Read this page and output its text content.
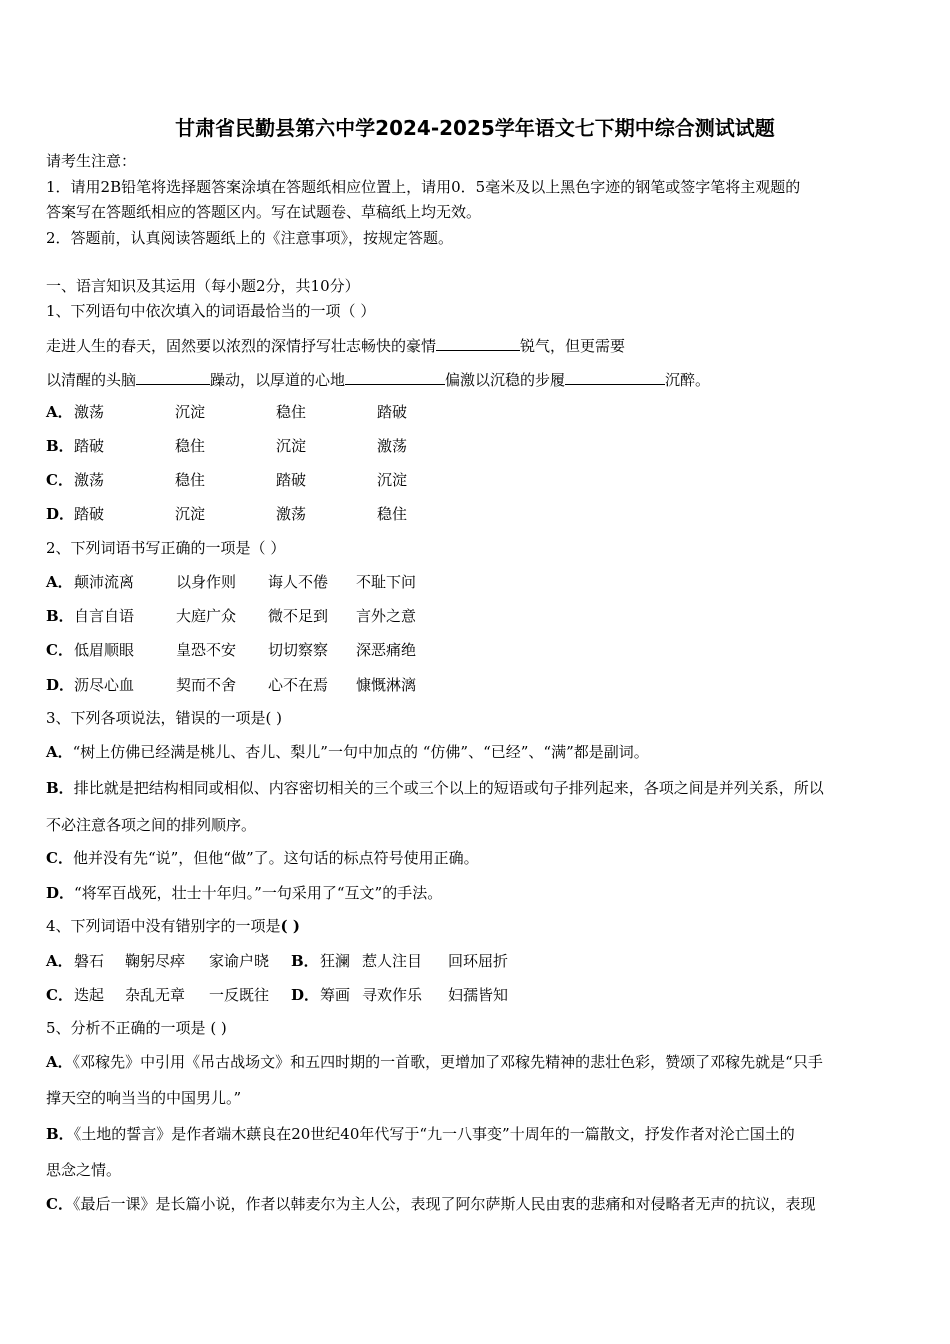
甘肃省民勤县第六中学2024-2025学年语文七下期中综合测试试题
请考生注意：
1．请用2B铅笔将选择题答案涂填在答题纸相应位置上，请用0．5毫米及以上黑色字迹的钢笔或签字笔将主观题的
答案写在答题纸相应的答题区内。写在试题卷、草稿纸上均无效。
2．答题前，认真阅读答题纸上的《注意事项》，按规定答题。
一、语言知识及其运用（每小题2分，共10分）
1、下列语句中依次填入的词语最恰当的一项（ ）
走进人生的春天，固然要以浓烈的深情抒写壮志畅快的豪情	锐气，但更需要
以清醒的头脑	躁动，以厚道的心地	偏激以沉稳的步履	沉醉。
A．激荡	沉淀	稳住	踏破
B．踏破	稳住	沉淀	激荡
C．激荡	稳住	踏破	沉淀
D．踏破	沉淀	激荡	稳住
2、下列词语书写正确的一项是（ ）
A．颠沛流离	以身作则 诲人不倦 不耻下问
B．自言自语	大庭广众 微不足到 言外之意
C．低眉顺眼	皇恐不安 切切察察 深恶痛绝
D．沥尽心血	契而不舍 心不在焉 慷慨淋漓
3、下列各项说法，错误的一项是( )
A．“树上仿佛已经满是桃儿、杏儿、梨儿”一句中加点的 “仿佛”、“已经”、“满”都是副词。
B．排比就是把结构相同或相似、内容密切相关的三个或三个以上的短语或句子排列起来，各项之间是并列关系，所以
不必注意各项之间的排列顺序。
C．他并没有先“说”，但他“做”了。这句话的标点符号使用正确。
D．“将军百战死，壮士十年归。”一句采用了“互文”的手法。
4、下列词语中没有错别字的一项是( )
A．磐石 鞠躬尽瘁 家谕户晓 B．狂澜 惹人注目 回环屈折
C．迭起 杂乱无章 一反既往 D．筹画 寻欢作乐 妇孺皆知
5、分析不正确的一项是 ( )
A．《邓稼先》中引用《吊古战场文》和五四时期的一首歌，更增加了邓稼先精神的悲壮色彩，赞颂了邓稼先就是“只手
撑天空的响当当的中国男儿。”
B．《土地的誓言》是作者端木蕻良在20世纪40年代写于“九一八事变”十周年的一篇散文，抒发作者对沦亡国土的
思念之情。
C．《最后一课》是长篇小说，作者以韩麦尔为主人公，表现了阿尔萨斯人民由衷的悲痛和对侵略者无声的抗议，表现
